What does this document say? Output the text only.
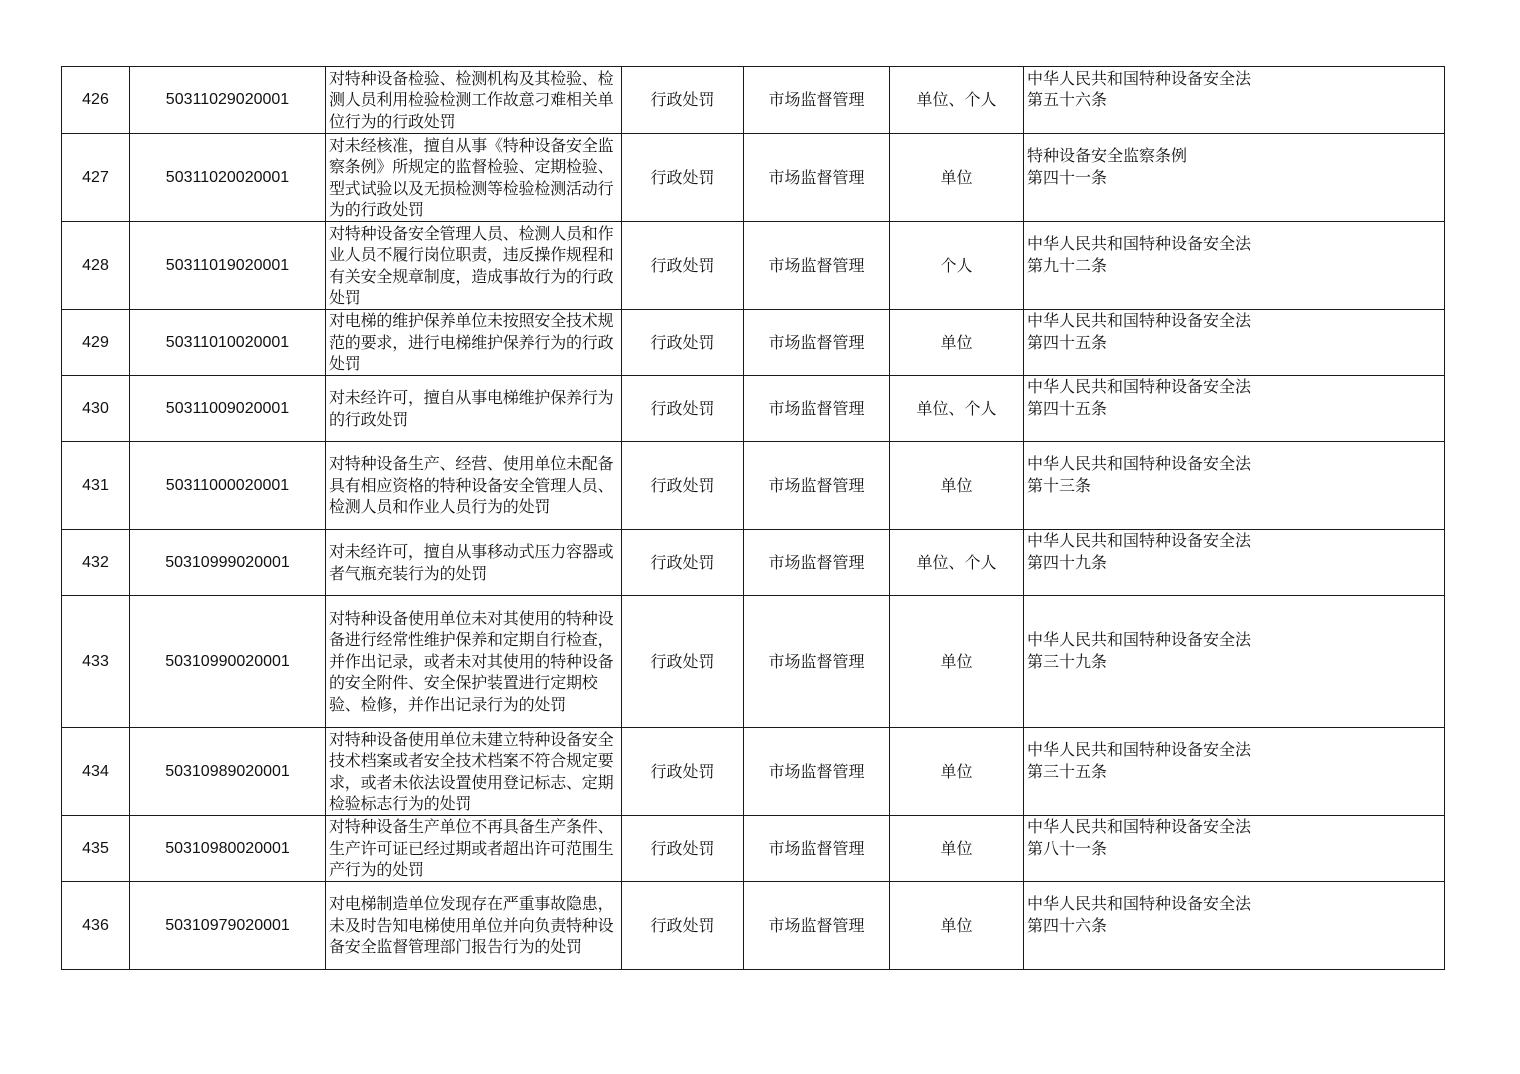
426	50311029020001	对特种设备检验、检测机构及其检验、检测人员利用检验检测工作故意刁难相关单位行为的行政处罚	行政处罚	市场监督管理	单位、个人	中华人民共和国特种设备安全法
第五十六条

427	50311020020001	对未经核准，擅自从事《特种设备安全监察条例》所规定的监督检验、定期检验、型式试验以及无损检测等检验检测活动行为的行政处罚	行政处罚	市场监督管理	单位	特种设备安全监察条例
第四十一条

428	50311019020001	对特种设备安全管理人员、检测人员和作业人员不履行岗位职责，违反操作规程和有关安全规章制度，造成事故行为的行政处罚	行政处罚	市场监督管理	个人	中华人民共和国特种设备安全法
第九十二条

429	50311010020001	对电梯的维护保养单位未按照安全技术规范的要求，进行电梯维护保养行为的行政处罚	行政处罚	市场监督管理	单位	中华人民共和国特种设备安全法
第四十五条

430	50311009020001	对未经许可，擅自从事电梯维护保养行为的行政处罚	行政处罚	市场监督管理	单位、个人	中华人民共和国特种设备安全法
第四十五条

431	50311000020001	对特种设备生产、经营、使用单位未配备具有相应资格的特种设备安全管理人员、检测人员和作业人员行为的处罚	行政处罚	市场监督管理	单位	中华人民共和国特种设备安全法
第十三条

432	50310999020001	对未经许可，擅自从事移动式压力容器或者气瓶充装行为的处罚	行政处罚	市场监督管理	单位、个人	中华人民共和国特种设备安全法
第四十九条

433	50310990020001	对特种设备使用单位未对其使用的特种设备进行经常性维护保养和定期自行检查，并作出记录，或者未对其使用的特种设备的安全附件、安全保护装置进行定期校验、检修，并作出记录行为的处罚	行政处罚	市场监督管理	单位	中华人民共和国特种设备安全法
第三十九条

434	50310989020001	对特种设备使用单位未建立特种设备安全技术档案或者安全技术档案不符合规定要求，或者未依法设置使用登记标志、定期检验标志行为的处罚	行政处罚	市场监督管理	单位	中华人民共和国特种设备安全法
第三十五条

435	50310980020001	对特种设备生产单位不再具备生产条件、生产许可证已经过期或者超出许可范围生产行为的处罚	行政处罚	市场监督管理	单位	中华人民共和国特种设备安全法
第八十一条

436	50310979020001	对电梯制造单位发现存在严重事故隐患，未及时告知电梯使用单位并向负责特种设备安全监督管理部门报告行为的处罚	行政处罚	市场监督管理	单位	中华人民共和国特种设备安全法
第四十六条
